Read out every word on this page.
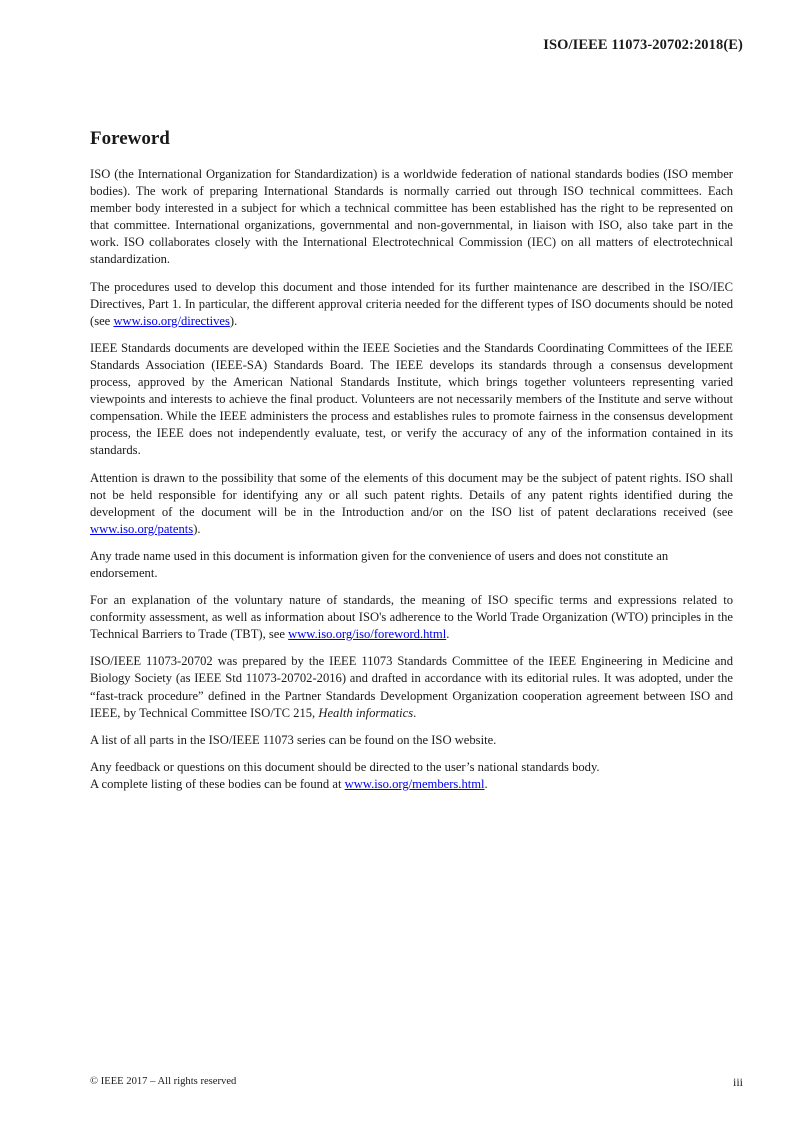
ISO/IEEE 11073-20702:2018(E)
Foreword

ISO (the International Organization for Standardization) is a worldwide federation of national standards bodies (ISO member bodies). The work of preparing International Standards is normally carried out through ISO technical committees. Each member body interested in a subject for which a technical committee has been established has the right to be represented on that committee. International organizations, governmental and non-governmental, in liaison with ISO, also take part in the work. ISO collaborates closely with the International Electrotechnical Commission (IEC) on all matters of electrotechnical standardization.

The procedures used to develop this document and those intended for its further maintenance are described in the ISO/IEC Directives, Part 1. In particular, the different approval criteria needed for the different types of ISO documents should be noted (see www.iso.org/directives).

IEEE Standards documents are developed within the IEEE Societies and the Standards Coordinating Committees of the IEEE Standards Association (IEEE-SA) Standards Board. The IEEE develops its standards through a consensus development process, approved by the American National Standards Institute, which brings together volunteers representing varied viewpoints and interests to achieve the final product. Volunteers are not necessarily members of the Institute and serve without compensation. While the IEEE administers the process and establishes rules to promote fairness in the consensus development process, the IEEE does not independently evaluate, test, or verify the accuracy of any of the information contained in its standards.

Attention is drawn to the possibility that some of the elements of this document may be the subject of patent rights. ISO shall not be held responsible for identifying any or all such patent rights. Details of any patent rights identified during the development of the document will be in the Introduction and/or on the ISO list of patent declarations received (see www.iso.org/patents).

Any trade name used in this document is information given for the convenience of users and does not constitute an endorsement.

For an explanation of the voluntary nature of standards, the meaning of ISO specific terms and expressions related to conformity assessment, as well as information about ISO's adherence to the World Trade Organization (WTO) principles in the Technical Barriers to Trade (TBT), see www.iso.org/iso/foreword.html.

ISO/IEEE 11073-20702 was prepared by the IEEE 11073 Standards Committee of the IEEE Engineering in Medicine and Biology Society (as IEEE Std 11073-20702-2016) and drafted in accordance with its editorial rules. It was adopted, under the “fast-track procedure” defined in the Partner Standards Development Organization cooperation agreement between ISO and IEEE, by Technical Committee ISO/TC 215, Health informatics.

A list of all parts in the ISO/IEEE 11073 series can be found on the ISO website.

Any feedback or questions on this document should be directed to the user’s national standards body.
A complete listing of these bodies can be found at www.iso.org/members.html.

© IEEE 2017 – All rights reserved	iii
